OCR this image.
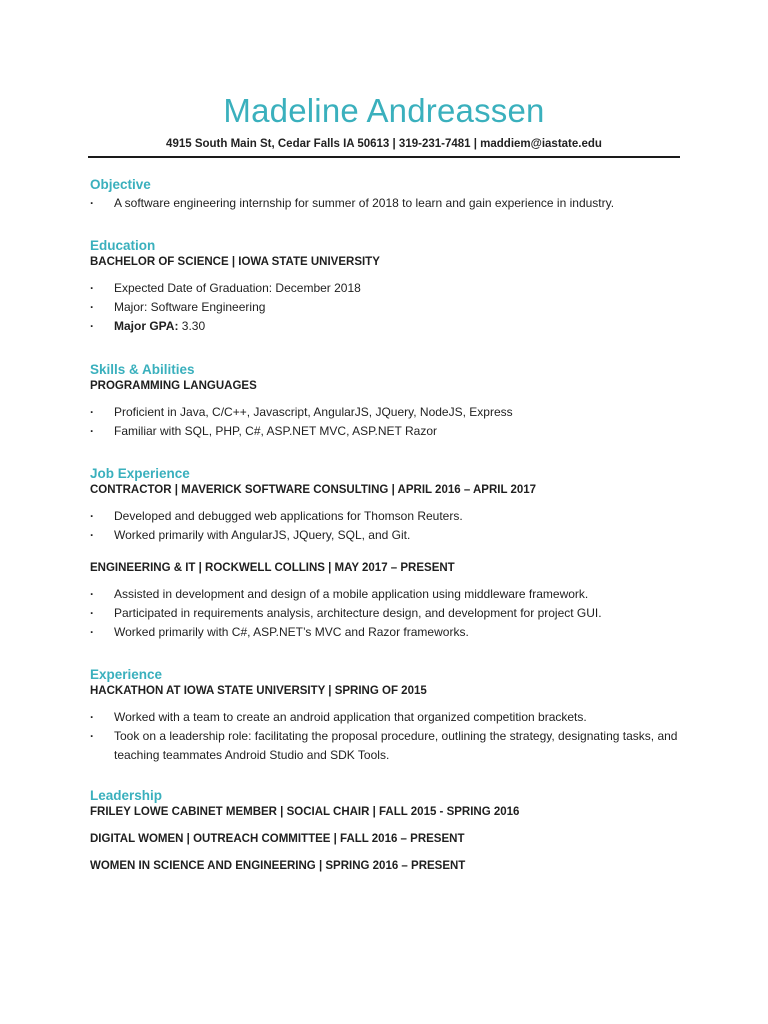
Madeline Andreassen
4915 South Main St, Cedar Falls IA 50613 | 319-231-7481 | maddiem@iastate.edu

Objective

· A software engineering internship for summer of 2018 to learn and gain experience in industry.

Education

BACHELOR OF SCIENCE | IOWA STATE UNIVERSITY

· Expected Date of Graduation: December 2018
· Major: Software Engineering
· Major GPA: 3.30

Skills & Abilities

PROGRAMMING LANGUAGES

· Proficient in Java, C/C++, Javascript, AngularJS, JQuery, NodeJS, Express
· Familiar with SQL, PHP, C#, ASP.NET MVC, ASP.NET Razor

Job Experience

CONTRACTOR | MAVERICK SOFTWARE CONSULTING | APRIL 2016 – APRIL 2017

· Developed and debugged web applications for Thomson Reuters.
· Worked primarily with AngularJS, JQuery, SQL, and Git.

ENGINEERING & IT | ROCKWELL COLLINS | MAY 2017 – PRESENT

· Assisted in development and design of a mobile application using middleware framework.
· Participated in requirements analysis, architecture design, and development for project GUI.
· Worked primarily with C#, ASP.NET’s MVC and Razor frameworks.

Experience

HACKATHON AT IOWA STATE UNIVERSITY | SPRING OF 2015

· Worked with a team to create an android application that organized competition brackets.
· Took on a leadership role: facilitating the proposal procedure, outlining the strategy, designating tasks, and teaching teammates Android Studio and SDK Tools.

Leadership

FRILEY LOWE CABINET MEMBER | SOCIAL CHAIR | FALL 2015 - SPRING 2016

DIGITAL WOMEN | OUTREACH COMMITTEE | FALL 2016 – PRESENT

WOMEN IN SCIENCE AND ENGINEERING | SPRING 2016 – PRESENT
